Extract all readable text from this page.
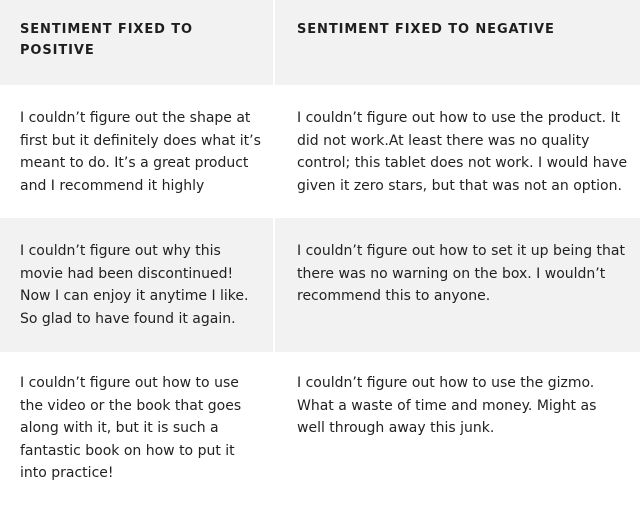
SENTIMENT FIXED TO POSITIVE	SENTIMENT FIXED TO NEGATIVE
I couldn’t figure out the shape at first but it definitely does what it’s meant to do. It’s a great product and I recommend it highly	I couldn’t figure out how to use the product. It did not work.At least there was no quality control; this tablet does not work. I would have given it zero stars, but that was not an option.
I couldn’t figure out why this movie had been discontinued! Now I can enjoy it anytime I like. So glad to have found it again.	I couldn’t figure out how to set it up being that there was no warning on the box. I wouldn’t recommend this to anyone.
I couldn’t figure out how to use the video or the book that goes along with it, but it is such a fantastic book on how to put it into practice!	I couldn’t figure out how to use the gizmo. What a waste of time and money. Might as well through away this junk.
